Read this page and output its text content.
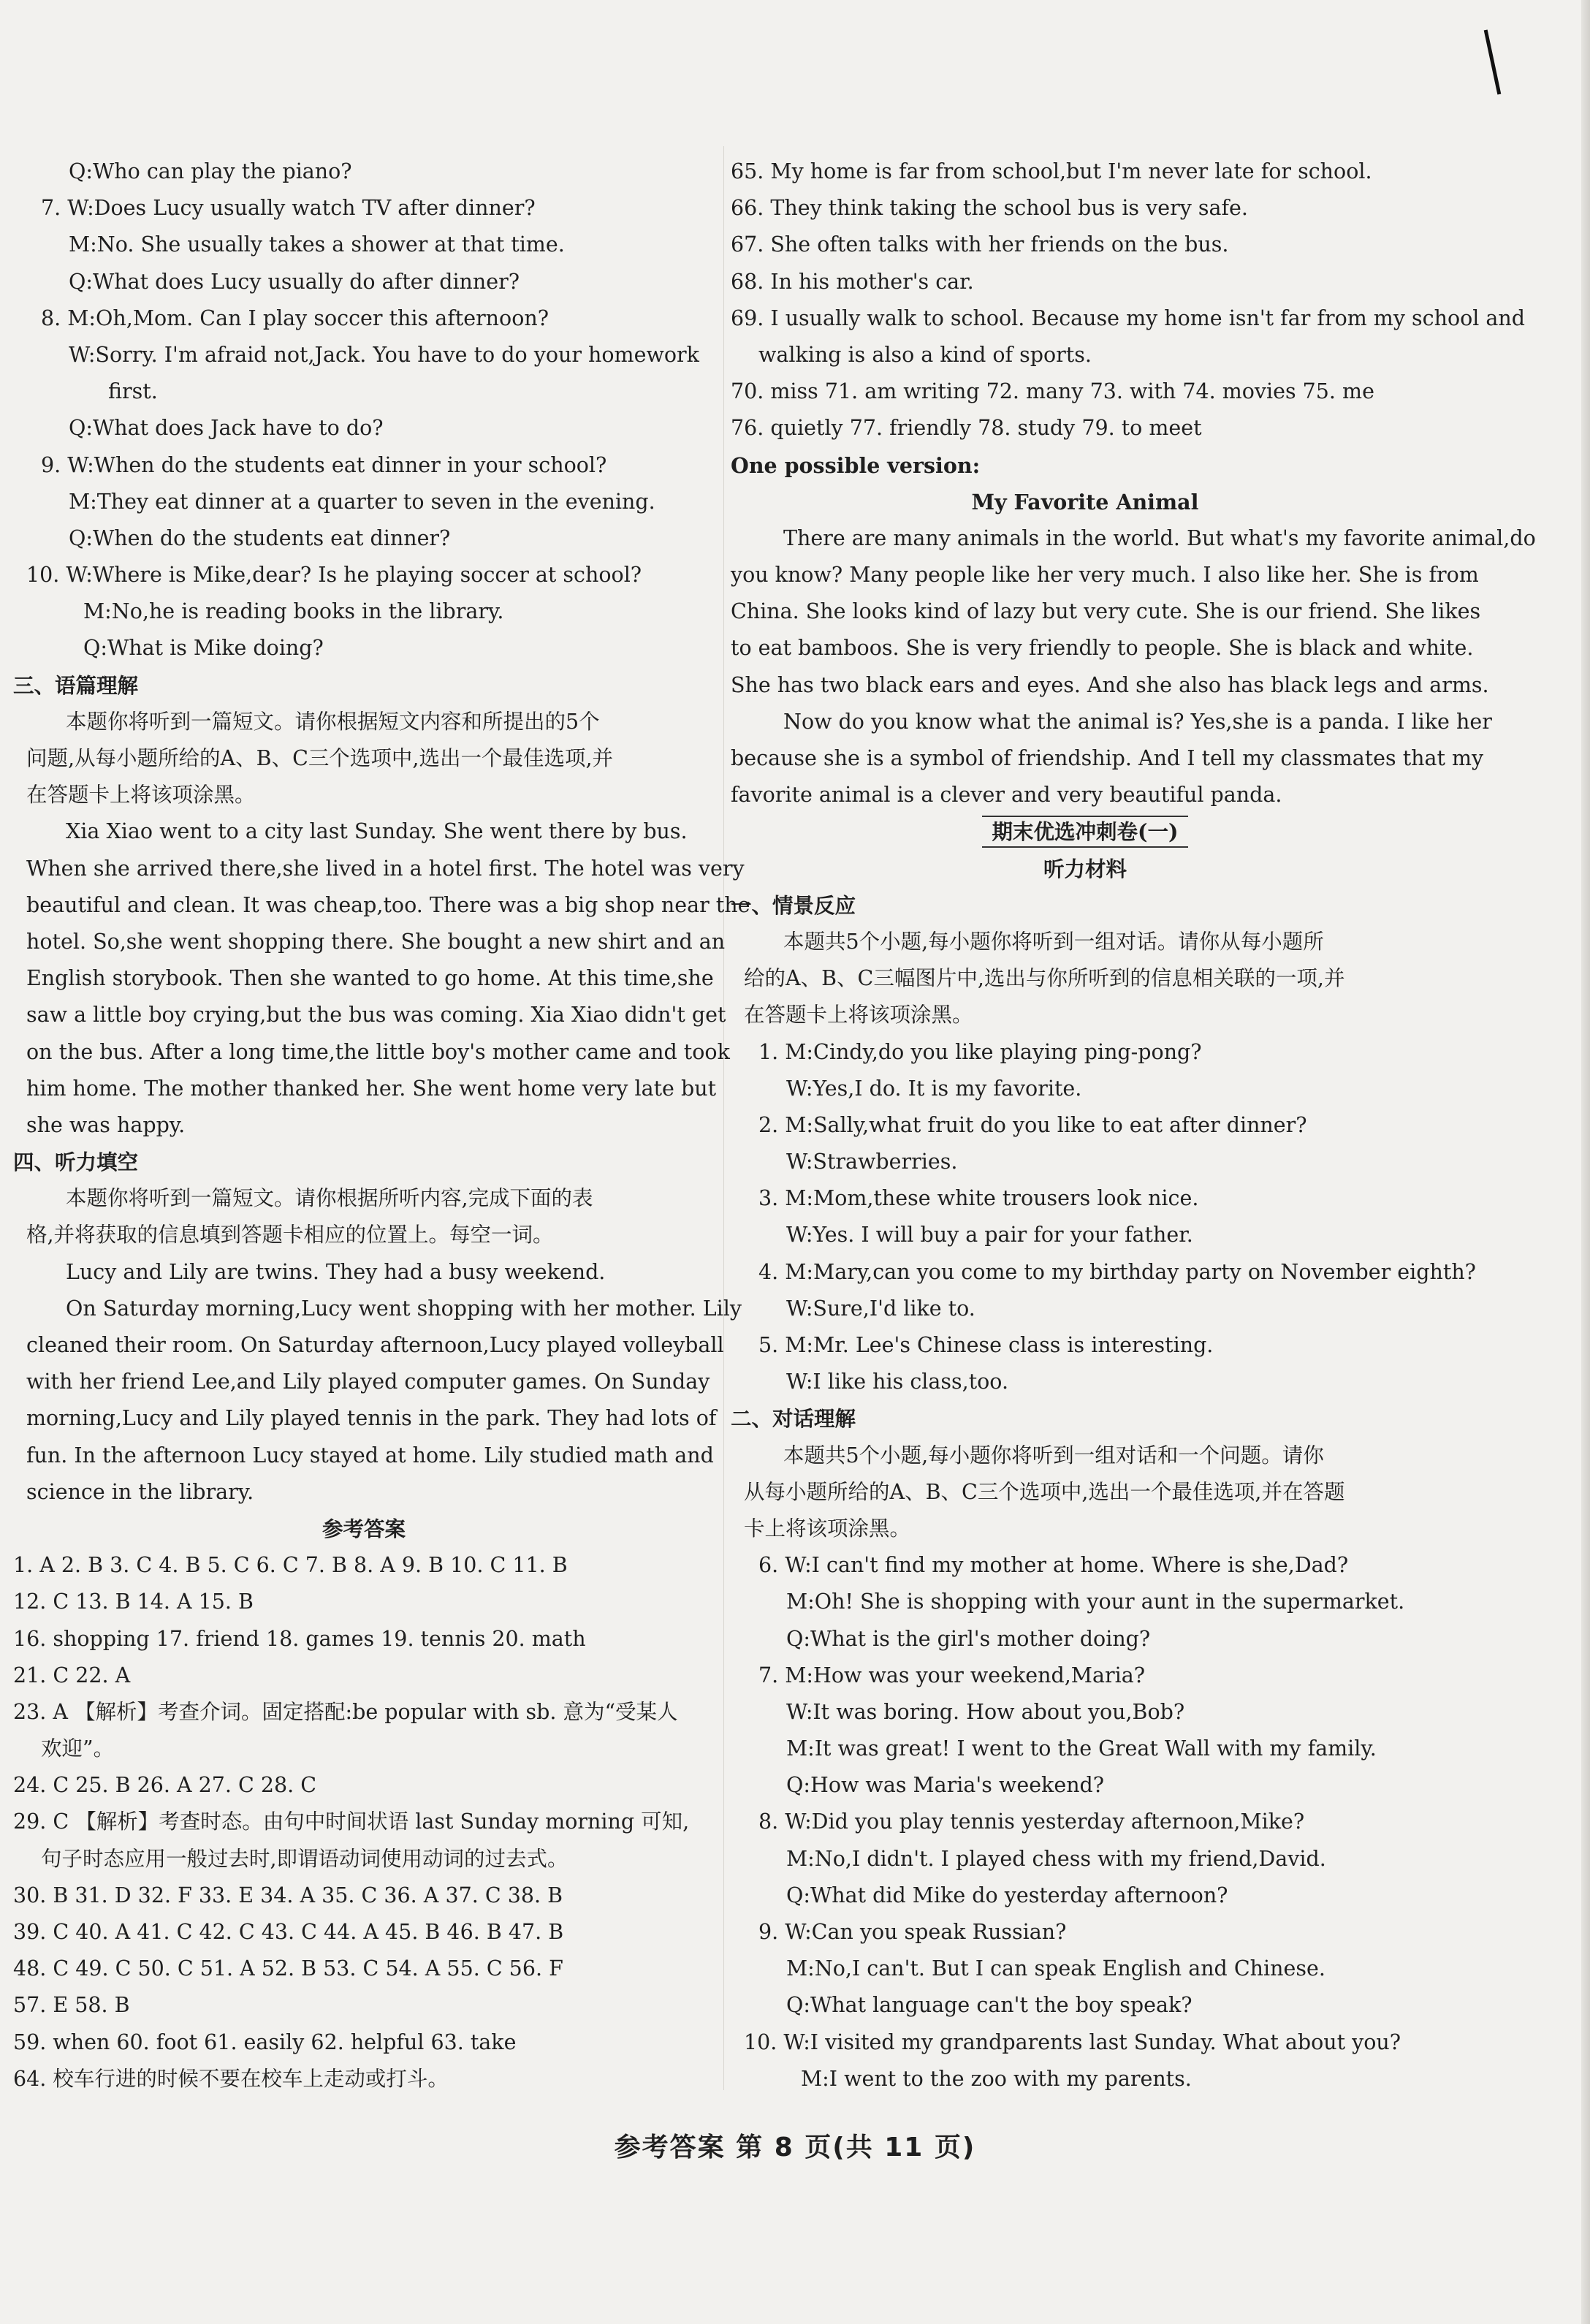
Q:Who can play the piano?
7. W:Does Lucy usually watch TV after dinner?
M:No. She usually takes a shower at that time.
Q:What does Lucy usually do after dinner?
8. M:Oh,Mom. Can I play soccer this afternoon?
W:Sorry. I'm afraid not,Jack. You have to do your homework
first.
Q:What does Jack have to do?
9. W:When do the students eat dinner in your school?
M:They eat dinner at a quarter to seven in the evening.
Q:When do the students eat dinner?
10. W:Where is Mike,dear? Is he playing soccer at school?
M:No,he is reading books in the library.
Q:What is Mike doing?
三、语篇理解
本题你将听到一篇短文。请你根据短文内容和所提出的5个
问题,从每小题所给的A、B、C三个选项中,选出一个最佳选项,并
在答题卡上将该项涂黑。
Xia Xiao went to a city last Sunday. She went there by bus.
When she arrived there,she lived in a hotel first. The hotel was very
beautiful and clean. It was cheap,too. There was a big shop near the
hotel. So,she went shopping there. She bought a new shirt and an
English storybook. Then she wanted to go home. At this time,she
saw a little boy crying,but the bus was coming. Xia Xiao didn't get
on the bus. After a long time,the little boy's mother came and took
him home. The mother thanked her. She went home very late but
she was happy.
四、听力填空
本题你将听到一篇短文。请你根据所听内容,完成下面的表
格,并将获取的信息填到答题卡相应的位置上。每空一词。
Lucy and Lily are twins. They had a busy weekend.
On Saturday morning,Lucy went shopping with her mother. Lily
cleaned their room. On Saturday afternoon,Lucy played volleyball
with her friend Lee,and Lily played computer games. On Sunday
morning,Lucy and Lily played tennis in the park. They had lots of
fun. In the afternoon Lucy stayed at home. Lily studied math and
science in the library.
参考答案
1. A 2. B 3. C 4. B 5. C 6. C 7. B 8. A 9. B 10. C 11. B
12. C 13. B 14. A 15. B
16. shopping 17. friend 18. games 19. tennis 20. math
21. C 22. A
23. A 【解析】考查介词。固定搭配:be popular with sb. 意为“受某人
欢迎”。
24. C 25. B 26. A 27. C 28. C
29. C 【解析】考查时态。由句中时间状语 last Sunday morning 可知,
句子时态应用一般过去时,即谓语动词使用动词的过去式。
30. B 31. D 32. F 33. E 34. A 35. C 36. A 37. C 38. B
39. C 40. A 41. C 42. C 43. C 44. A 45. B 46. B 47. B
48. C 49. C 50. C 51. A 52. B 53. C 54. A 55. C 56. F
57. E 58. B
59. when 60. foot 61. easily 62. helpful 63. take
64. 校车行进的时候不要在校车上走动或打斗。
65. My home is far from school,but I'm never late for school.
66. They think taking the school bus is very safe.
67. She often talks with her friends on the bus.
68. In his mother's car.
69. I usually walk to school. Because my home isn't far from my school and
walking is also a kind of sports.
70. miss 71. am writing 72. many 73. with 74. movies 75. me
76. quietly 77. friendly 78. study 79. to meet
One possible version:
My Favorite Animal
There are many animals in the world. But what's my favorite animal,do
you know? Many people like her very much. I also like her. She is from
China. She looks kind of lazy but very cute. She is our friend. She likes
to eat bamboos. She is very friendly to people. She is black and white.
She has two black ears and eyes. And she also has black legs and arms.
Now do you know what the animal is? Yes,she is a panda. I like her
because she is a symbol of friendship. And I tell my classmates that my
favorite animal is a clever and very beautiful panda.
期末优选冲刺卷(一)
听力材料
一、情景反应
本题共5个小题,每小题你将听到一组对话。请你从每小题所
给的A、B、C三幅图片中,选出与你所听到的信息相关联的一项,并
在答题卡上将该项涂黑。
1. M:Cindy,do you like playing ping-pong?
W:Yes,I do. It is my favorite.
2. M:Sally,what fruit do you like to eat after dinner?
W:Strawberries.
3. M:Mom,these white trousers look nice.
W:Yes. I will buy a pair for your father.
4. M:Mary,can you come to my birthday party on November eighth?
W:Sure,I'd like to.
5. M:Mr. Lee's Chinese class is interesting.
W:I like his class,too.
二、对话理解
本题共5个小题,每小题你将听到一组对话和一个问题。请你
从每小题所给的A、B、C三个选项中,选出一个最佳选项,并在答题
卡上将该项涂黑。
6. W:I can't find my mother at home. Where is she,Dad?
M:Oh! She is shopping with your aunt in the supermarket.
Q:What is the girl's mother doing?
7. M:How was your weekend,Maria?
W:It was boring. How about you,Bob?
M:It was great! I went to the Great Wall with my family.
Q:How was Maria's weekend?
8. W:Did you play tennis yesterday afternoon,Mike?
M:No,I didn't. I played chess with my friend,David.
Q:What did Mike do yesterday afternoon?
9. W:Can you speak Russian?
M:No,I can't. But I can speak English and Chinese.
Q:What language can't the boy speak?
10. W:I visited my grandparents last Sunday. What about you?
M:I went to the zoo with my parents.
参考答案 第 8 页(共 11 页)
